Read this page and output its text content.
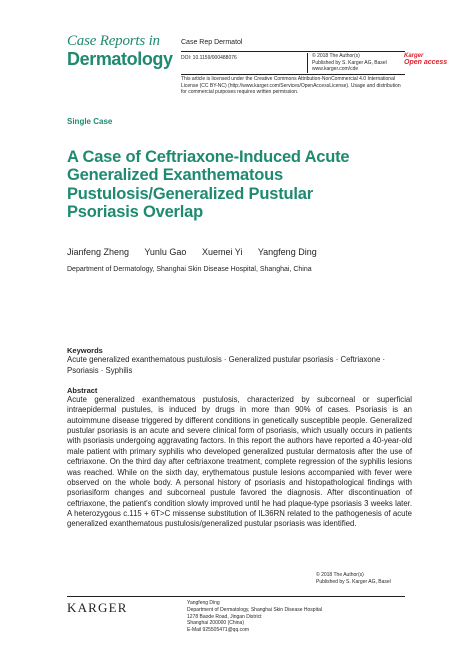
Case Reports in
Dermatology
Case Rep Dermatol
DOI: 10.1159/000488076	© 2018 The Author(s)
Published by S. Karger AG, Basel
www.karger.com/cde
Karger
Open access
This article is licensed under the Creative Commons Attribution-NonCommercial 4.0 International License (CC BY-NC) (http://www.karger.com/Services/OpenAccessLicense). Usage and distribution for commercial purposes requires written permission.
Single Case
A Case of Ceftriaxone-Induced Acute Generalized Exanthematous Pustulosis/Generalized Pustular Psoriasis Overlap
Jianfeng Zheng Yunlu Gao Xuemei Yi Yangfeng Ding
Department of Dermatology, Shanghai Skin Disease Hospital, Shanghai, China
Keywords
Acute generalized exanthematous pustulosis · Generalized pustular psoriasis · Ceftriaxone · Psoriasis · Syphilis
Abstract
Acute generalized exanthematous pustulosis, characterized by subcorneal or superficial intraepidermal pustules, is induced by drugs in more than 90% of cases. Psoriasis is an autoimmune disease triggered by different conditions in genetically susceptible people. Generalized pustular psoriasis is an acute and severe clinical form of psoriasis, which usually occurs in patients with psoriasis undergoing aggravating factors. In this report the authors have reported a 40-year-old male patient with primary syphilis who developed generalized pustular dermatosis after the use of ceftriaxone. On the third day after ceftriaxone treatment, complete regression of the syphilis lesions was reached. While on the sixth day, erythematous pustule lesions accompanied with fever were observed on the whole body. A personal history of psoriasis and histopathological findings with psoriasiform changes and subcorneal pustule favored the diagnosis. After discontinuation of ceftriaxone, the patient's condition slowly improved until he had plaque-type psoriasis 3 weeks later. A heterozygous c.115 + 6T>C missense substitution of IL36RN related to the pathogenesis of acute generalized exanthematous pustulosis/generalized pustular psoriasis was identified.
© 2018 The Author(s)
Published by S. Karger AG, Basel
KARGER	Yangfeng Ding
Department of Dermatology, Shanghai Skin Disease Hospital
1278 Baode Road, Jingan District
Shanghai 200000 (China)
E-Mail 925505471@qq.com
